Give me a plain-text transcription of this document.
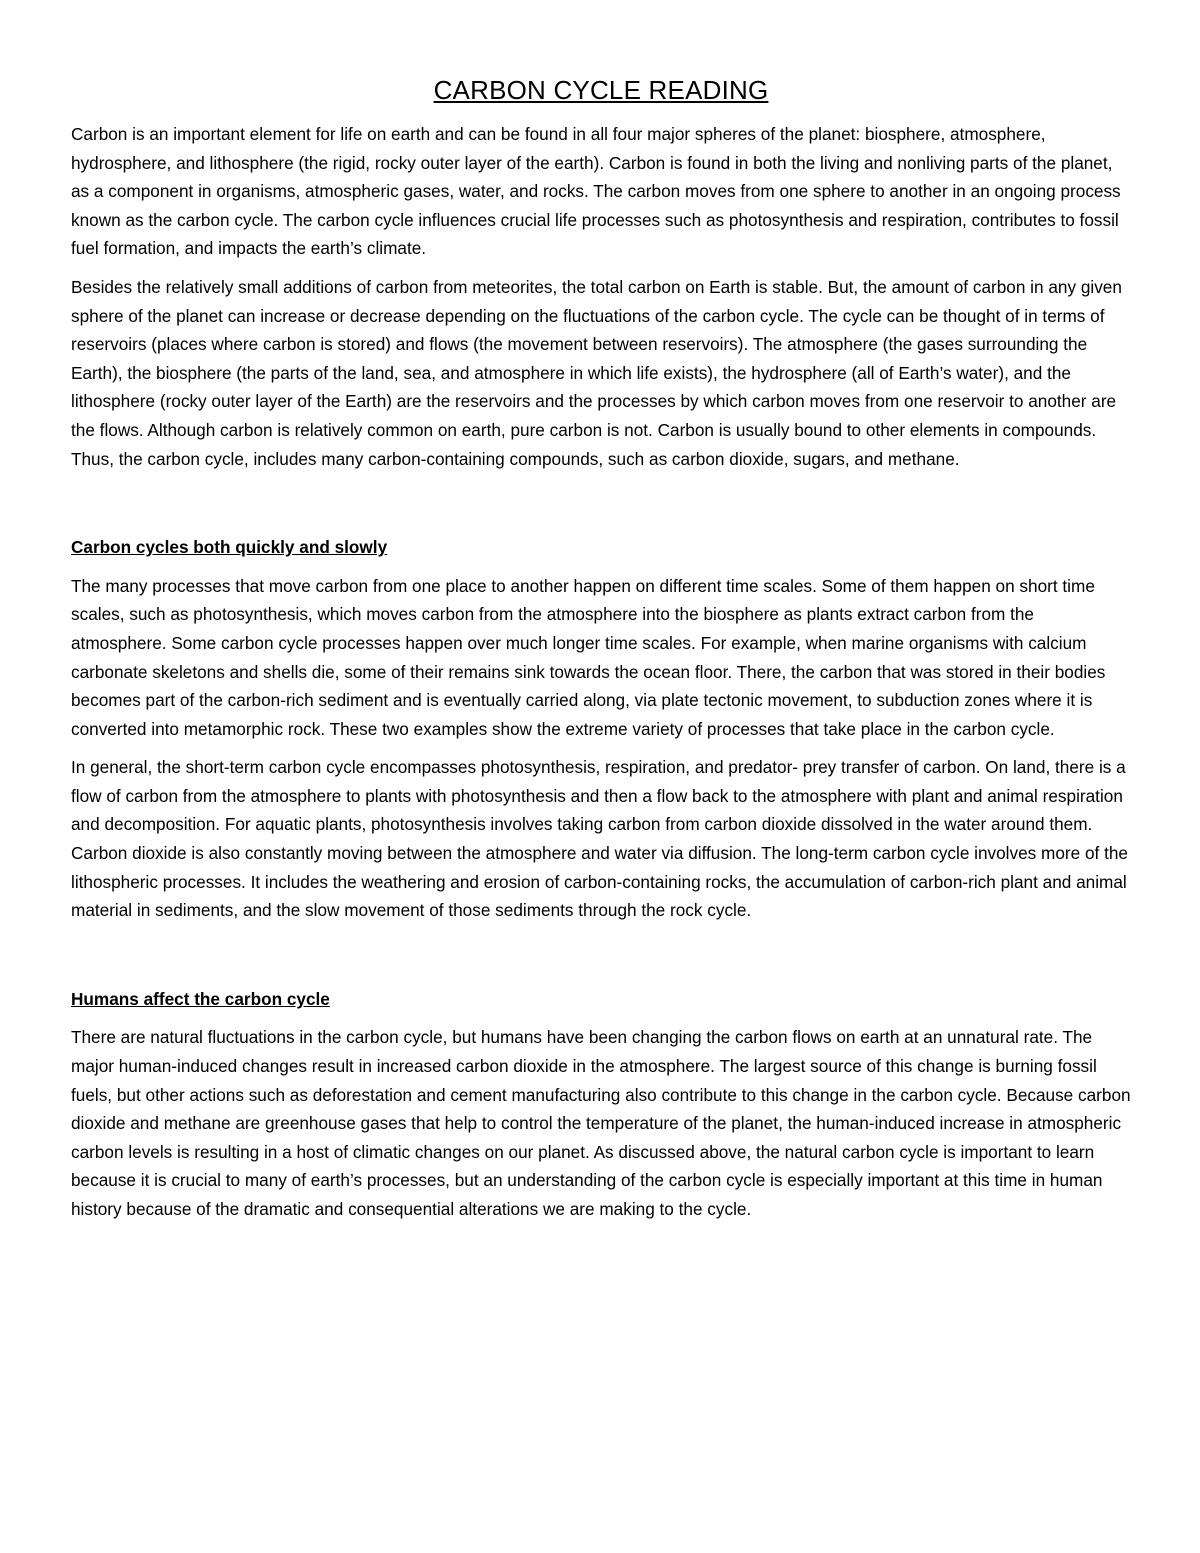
CARBON CYCLE READING

Carbon is an important element for life on earth and can be found in all four major spheres of the planet: biosphere, atmosphere, hydrosphere, and lithosphere (the rigid, rocky outer layer of the earth). Carbon is found in both the living and nonliving parts of the planet, as a component in organisms, atmospheric gases, water, and rocks. The carbon moves from one sphere to another in an ongoing process known as the carbon cycle. The carbon cycle influences crucial life processes such as photosynthesis and respiration, contributes to fossil fuel formation, and impacts the earth’s climate.

Besides the relatively small additions of carbon from meteorites, the total carbon on Earth is stable. But, the amount of carbon in any given sphere of the planet can increase or decrease depending on the fluctuations of the carbon cycle. The cycle can be thought of in terms of reservoirs (places where carbon is stored) and flows (the movement between reservoirs). The atmosphere (the gases surrounding the Earth), the biosphere (the parts of the land, sea, and atmosphere in which life exists), the hydrosphere (all of Earth’s water), and the lithosphere (rocky outer layer of the Earth) are the reservoirs and the processes by which carbon moves from one reservoir to another are the flows. Although carbon is relatively common on earth, pure carbon is not. Carbon is usually bound to other elements in compounds. Thus, the carbon cycle, includes many carbon-containing compounds, such as carbon dioxide, sugars, and methane.

Carbon cycles both quickly and slowly

The many processes that move carbon from one place to another happen on different time scales. Some of them happen on short time scales, such as photosynthesis, which moves carbon from the atmosphere into the biosphere as plants extract carbon from the atmosphere. Some carbon cycle processes happen over much longer time scales. For example, when marine organisms with calcium carbonate skeletons and shells die, some of their remains sink towards the ocean floor. There, the carbon that was stored in their bodies becomes part of the carbon-rich sediment and is eventually carried along, via plate tectonic movement, to subduction zones where it is converted into metamorphic rock. These two examples show the extreme variety of processes that take place in the carbon cycle.

In general, the short-term carbon cycle encompasses photosynthesis, respiration, and predator- prey transfer of carbon. On land, there is a flow of carbon from the atmosphere to plants with photosynthesis and then a flow back to the atmosphere with plant and animal respiration and decomposition. For aquatic plants, photosynthesis involves taking carbon from carbon dioxide dissolved in the water around them. Carbon dioxide is also constantly moving between the atmosphere and water via diffusion. The long-term carbon cycle involves more of the lithospheric processes. It includes the weathering and erosion of carbon-containing rocks, the accumulation of carbon-rich plant and animal material in sediments, and the slow movement of those sediments through the rock cycle.

Humans affect the carbon cycle

There are natural fluctuations in the carbon cycle, but humans have been changing the carbon flows on earth at an unnatural rate. The major human-induced changes result in increased carbon dioxide in the atmosphere. The largest source of this change is burning fossil fuels, but other actions such as deforestation and cement manufacturing also contribute to this change in the carbon cycle. Because carbon dioxide and methane are greenhouse gases that help to control the temperature of the planet, the human-induced increase in atmospheric carbon levels is resulting in a host of climatic changes on our planet. As discussed above, the natural carbon cycle is important to learn because it is crucial to many of earth’s processes, but an understanding of the carbon cycle is especially important at this time in human history because of the dramatic and consequential alterations we are making to the cycle.
